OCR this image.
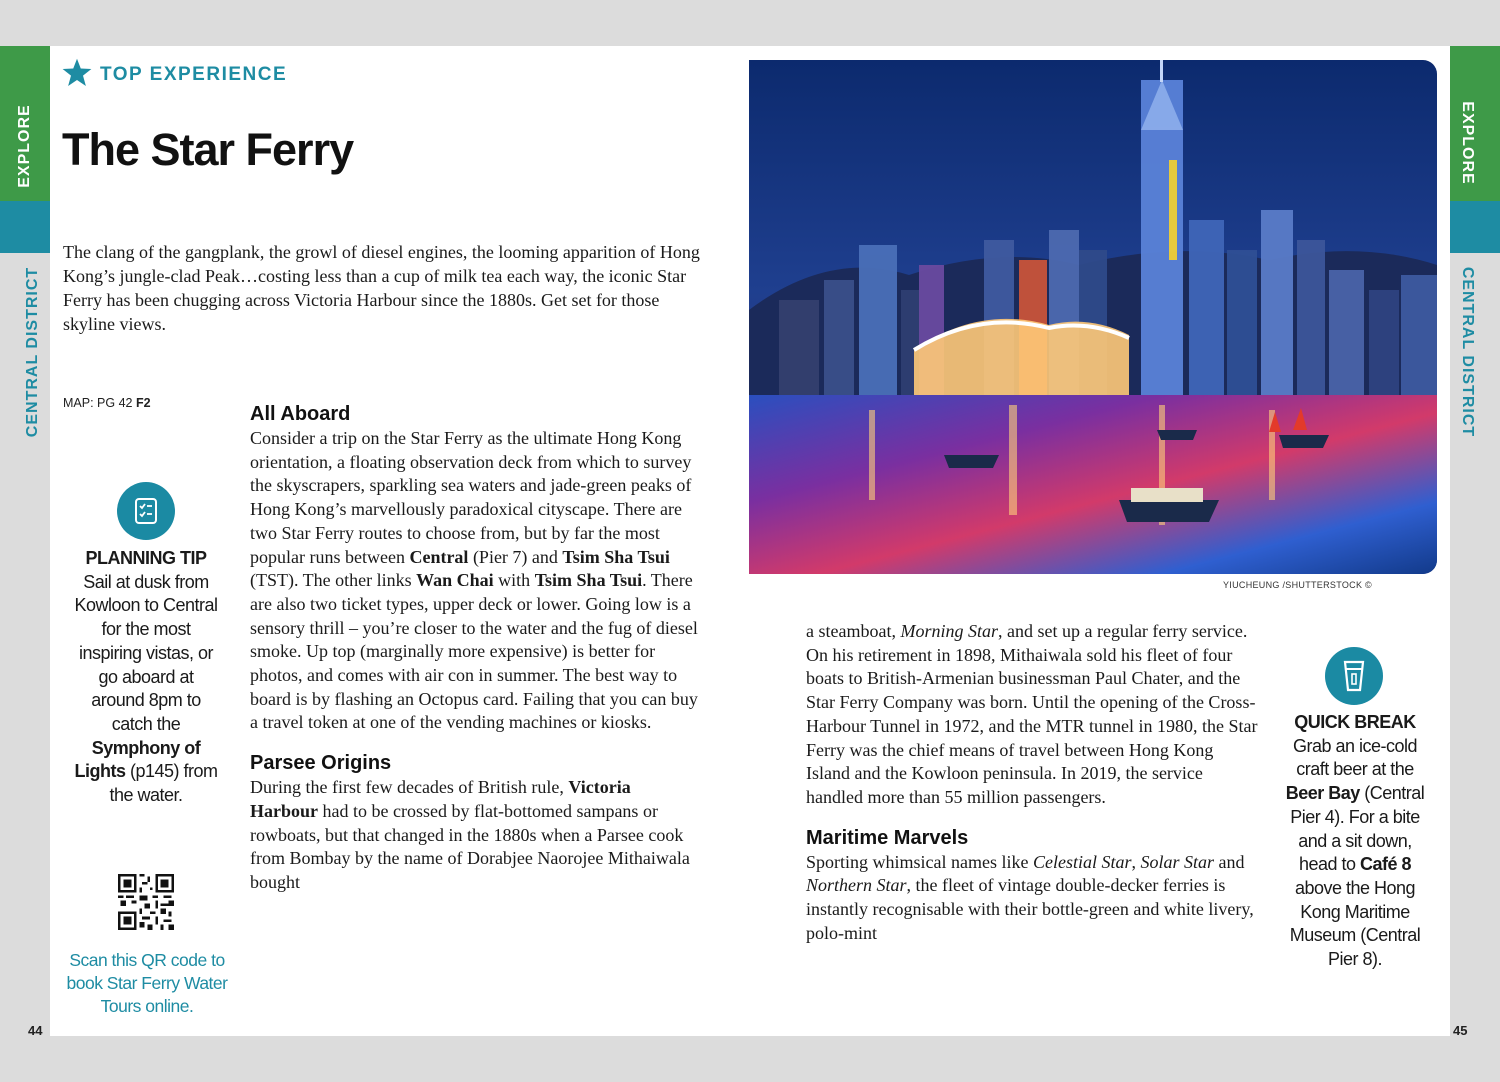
EXPLORE
CENTRAL DISTRICT
EXPLORE
CENTRAL DISTRICT
44	45
TOP EXPERIENCE
The Star Ferry

The clang of the gangplank, the growl of diesel engines, the looming apparition of Hong Kong’s jungle-clad Peak…costing less than a cup of milk tea each way, the iconic Star Ferry has been chugging across Victoria Harbour since the 1880s. Get set for those skyline views.

MAP: PG 42 F2
PLANNING TIP
Sail at dusk from Kowloon to Central for the most inspiring vistas, or go aboard at around 8pm to catch the Symphony of Lights (p145) from the water.
Scan this QR code to book Star Ferry Water Tours online.
All Aboard

Consider a trip on the Star Ferry as the ultimate Hong Kong orientation, a floating observation deck from which to survey the skyscrapers, sparkling sea waters and jade-green peaks of Hong Kong’s marvellously paradoxical cityscape. There are two Star Ferry routes to choose from, but by far the most popular runs between Central (Pier 7) and Tsim Sha Tsui (TST). The other links Wan Chai with Tsim Sha Tsui. There are also two ticket types, upper deck or lower. Going low is a sensory thrill – you’re closer to the water and the fug of diesel smoke. Up top (marginally more expensive) is better for photos, and comes with air con in summer. The best way to board is by flashing an Octopus card. Failing that you can buy a travel token at one of the vending machines or kiosks.

Parsee Origins

During the first few decades of British rule, Victoria Harbour had to be crossed by flat-bottomed sampans or rowboats, but that changed in the 1880s when a Parsee cook from Bombay by the name of Dorabjee Naorojee Mithaiwala bought

YIUCHEUNG /SHUTTERSTOCK ©

a steamboat, Morning Star, and set up a regular ferry service. On his retirement in 1898, Mithaiwala sold his fleet of four boats to British-Armenian businessman Paul Chater, and the Star Ferry Company was born. Until the opening of the Cross-Harbour Tunnel in 1972, and the MTR tunnel in 1980, the Star Ferry was the chief means of travel between Hong Kong Island and the Kowloon peninsula. In 2019, the service handled more than 55 million passengers.

Maritime Marvels

Sporting whimsical names like Celestial Star, Solar Star and Northern Star, the fleet of vintage double-decker ferries is instantly recognisable with their bottle-green and white livery, polo-mint

QUICK BREAK
Grab an ice-cold craft beer at the Beer Bay (Central Pier 4). For a bite and a sit down, head to Café 8 above the Hong Kong Maritime Museum (Central Pier 8).
